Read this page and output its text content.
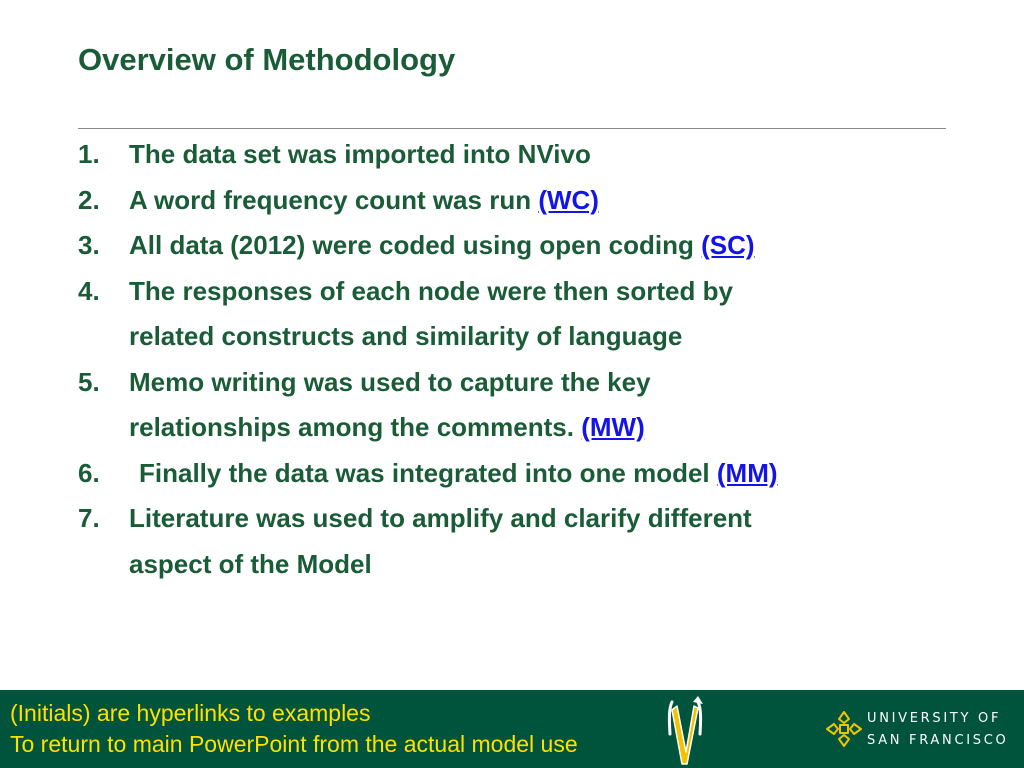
Overview of Methodology
1. The data set was imported into NVivo
2. A word frequency count was run (WC)
3. All data (2012) were coded using open coding (SC)
4. The responses of each node were then sorted by
related constructs and similarity of language
5. Memo writing was used to capture the key
relationships among the comments. (MW)
6. Finally the data was integrated into one model (MM)
7. Literature was used to amplify and clarify different
aspect of the Model
(Initials) are hyperlinks to examples
To return to main PowerPoint from the actual model use
UNIVERSITY OF
SAN FRANCISCO
